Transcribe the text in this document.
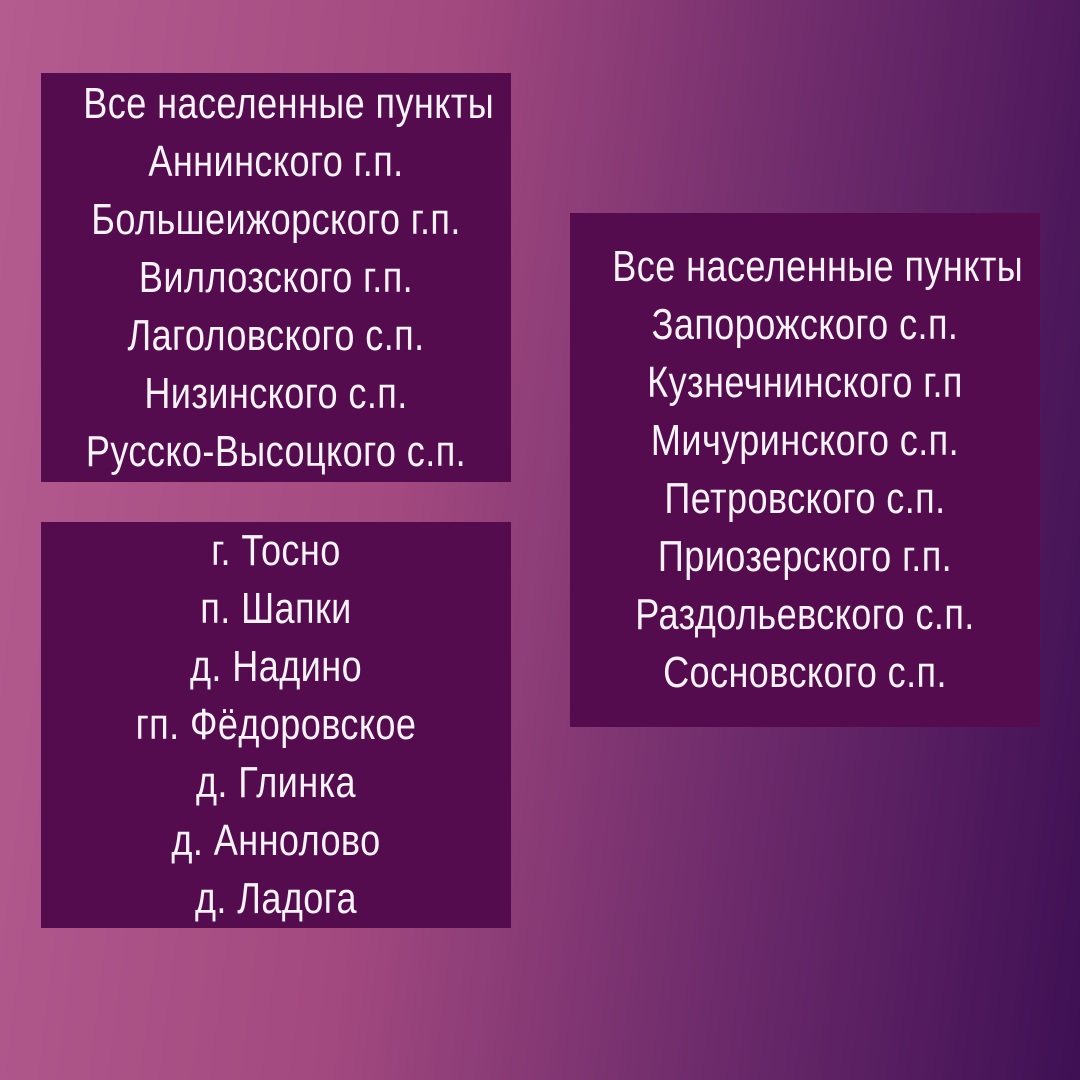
Все населенные пункты
Аннинского г.п.
Большеижорского г.п.
Виллозского г.п.
Лаголовского с.п.
Низинского с.п.
Русско-Высоцкого с.п.
г. Тосно
п. Шапки
д. Надино
гп. Фёдоровское
д. Глинка
д. Аннолово
д. Ладога
Все населенные пункты
Запорожского с.п.
Кузнечнинского г.п
Мичуринского с.п.
Петровского с.п.
Приозерского г.п.
Раздольевского с.п.
Сосновского с.п.
